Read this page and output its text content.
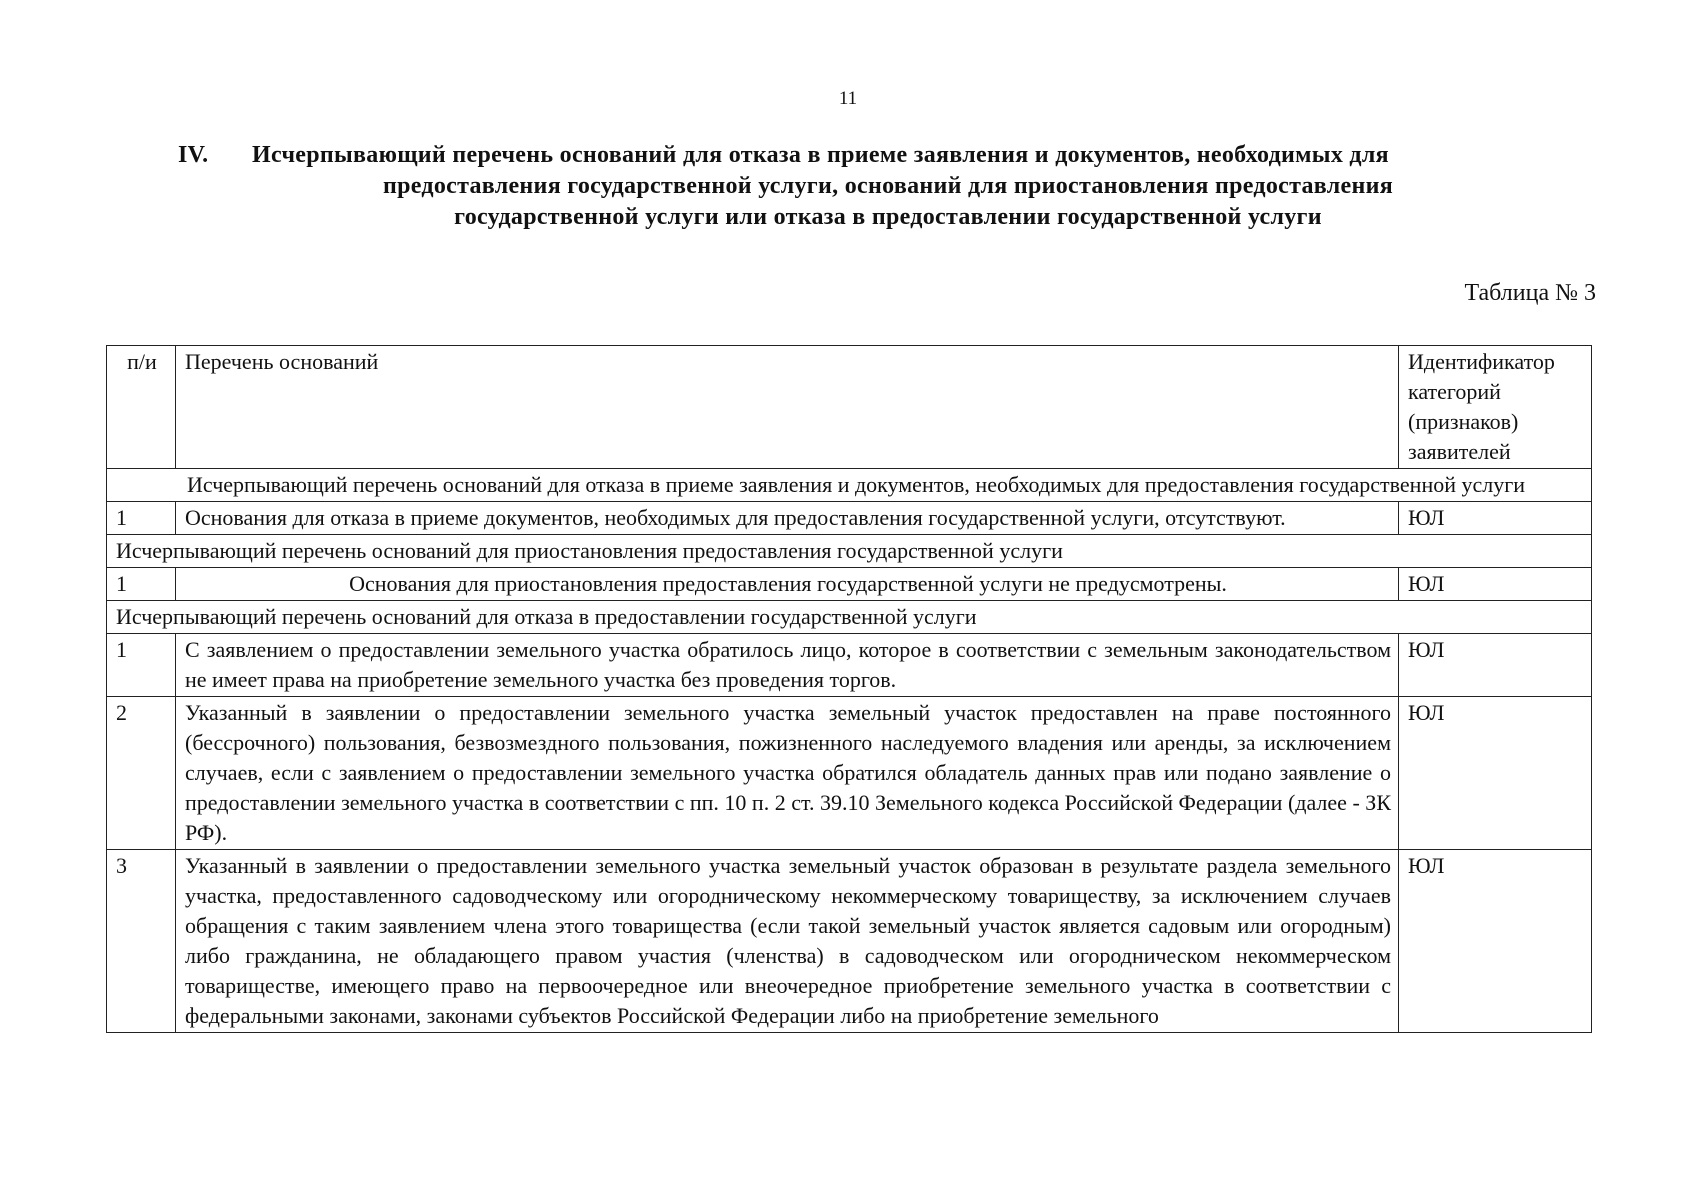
11
IV. Исчерпывающий перечень оснований для отказа в приеме заявления и документов, необходимых для
предоставления государственной услуги, оснований для приостановления предоставления
государственной услуги или отказа в предоставлении государственной услуги
Таблица № 3
п/и	Перечень оснований	Идентификатор категорий (признаков) заявителей
Исчерпывающий перечень оснований для отказа в приеме заявления и документов, необходимых для предоставления государственной услуги		
1	Основания для отказа в приеме документов, необходимых для предоставления государственной услуги, отсутствуют.	ЮЛ
Исчерпывающий перечень оснований для приостановления предоставления государственной услуги		
1	Основания для приостановления предоставления государственной услуги не предусмотрены.	ЮЛ
Исчерпывающий перечень оснований для отказа в предоставлении государственной услуги		
1	С заявлением о предоставлении земельного участка обратилось лицо, которое в соответствии с земельным законодательством не имеет права на приобретение земельного участка без проведения торгов.	ЮЛ
2	Указанный в заявлении о предоставлении земельного участка земельный участок предоставлен на праве постоянного (бессрочного) пользования, безвозмездного пользования, пожизненного наследуемого владения или аренды, за исключением случаев, если с заявлением о предоставлении земельного участка обратился обладатель данных прав или подано заявление о предоставлении земельного участка в соответствии с пп. 10 п. 2 ст. 39.10 Земельного кодекса Российской Федерации (далее - ЗК РФ).	ЮЛ
3	Указанный в заявлении о предоставлении земельного участка земельный участок образован в результате раздела земельного участка, предоставленного садоводческому или огородническому некоммерческому товариществу, за исключением случаев обращения с таким заявлением члена этого товарищества (если такой земельный участок является садовым или огородным) либо гражданина, не обладающего правом участия (членства) в садоводческом или огородническом некоммерческом товариществе, имеющего право на первоочередное или внеочередное приобретение земельного участка в соответствии с федеральными законами, законами субъектов Российской Федерации либо на приобретение земельного	ЮЛ
